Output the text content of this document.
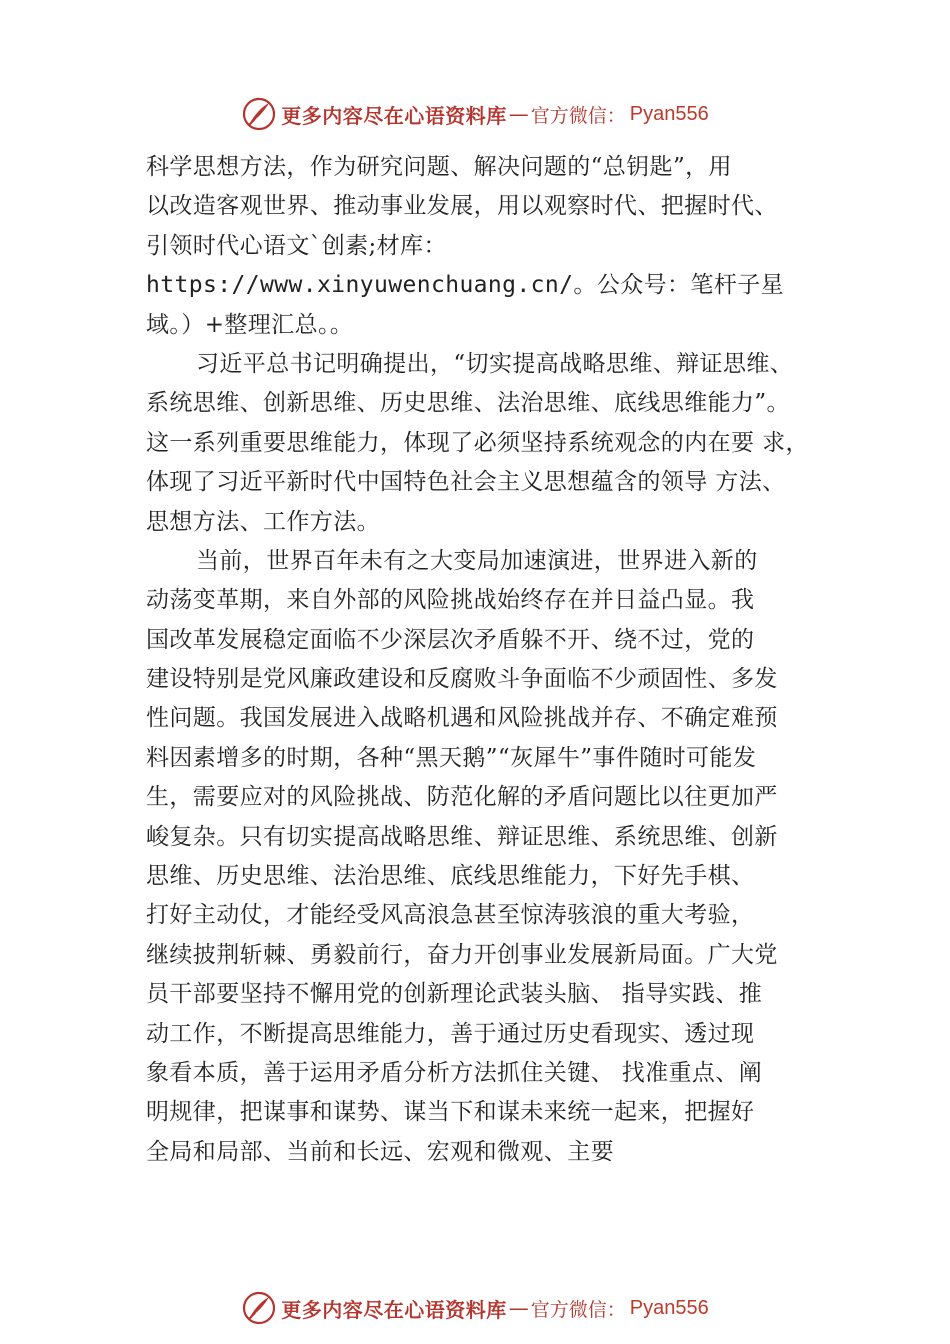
更多内容尽在心语资料库 — 官方微信： Pyan556
科学思想方法，作为研究问题、解决问题的“总钥匙”，用
以改造客观世界、推动事业发展，用以观察时代、把握时代、
引领时代心语文`创素;材库：
https://www.xinyuwenchuang.cn/。公众号：笔杆子星
域。）+整理汇总。。
习近平总书记明确提出，“切实提高战略思维、辩证思维、
系统思维、创新思维、历史思维、法治思维、底线思维能力”。
这一系列重要思维能力，体现了必须坚持系统观念的内在要 求，
体现了习近平新时代中国特色社会主义思想蕴含的领导 方法、
思想方法、工作方法。
当前，世界百年未有之大变局加速演进，世界进入新的
动荡变革期，来自外部的风险挑战始终存在并日益凸显。我
国改革发展稳定面临不少深层次矛盾躲不开、绕不过，党的
建设特别是党风廉政建设和反腐败斗争面临不少顽固性、多发
性问题。我国发展进入战略机遇和风险挑战并存、不确定难预
料因素增多的时期，各种“黑天鹅”“灰犀牛”事件随时可能发
生，需要应对的风险挑战、防范化解的矛盾问题比以往更加严
峻复杂。只有切实提高战略思维、辩证思维、系统思维、创新
思维、历史思维、法治思维、底线思维能力，下好先手棋、
打好主动仗，才能经受风高浪急甚至惊涛骇浪的重大考验，
继续披荆斩棘、勇毅前行，奋力开创事业发展新局面。广大党
员干部要坚持不懈用党的创新理论武装头脑、 指导实践、推
动工作，不断提高思维能力，善于通过历史看现实、透过现
象看本质，善于运用矛盾分析方法抓住关键、 找准重点、阐
明规律，把谋事和谋势、谋当下和谋未来统一起来，把握好
全局和局部、当前和长远、宏观和微观、主要
更多内容尽在心语资料库 — 官方微信： Pyan556
